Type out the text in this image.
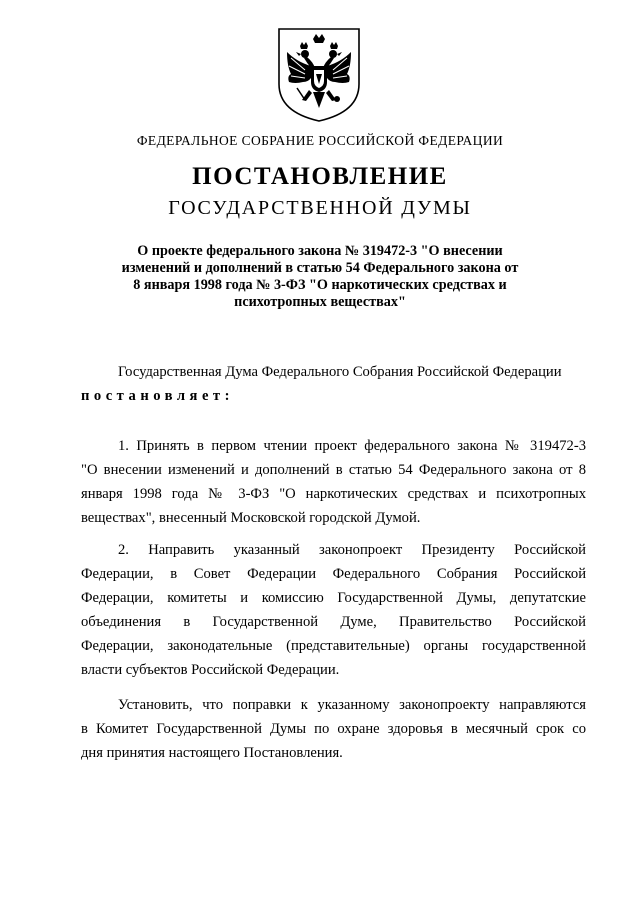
ФЕДЕРАЛЬНОЕ СОБРАНИЕ РОССИЙСКОЙ ФЕДЕРАЦИИ
ПОСТАНОВЛЕНИЕ
ГОСУДАРСТВЕННОЙ ДУМЫ
О проекте федерального закона № 319472-3 "О внесении
изменений и дополнений в статью 54 Федерального закона от
8 января 1998 года № 3-ФЗ "О наркотических средствах и
психотропных веществах"
Государственная Дума Федерального Собрания Российской Федерации
постановляет:
1. Принять в первом чтении проект федерального закона № 319472-3
"О внесении изменений и дополнений в статью 54 Федерального закона от 8
января 1998 года № 3-ФЗ "О наркотических средствах и психотропных
веществах", внесенный Московской городской Думой.
2. Направить указанный законопроект Президенту Российской
Федерации, в Совет Федерации Федерального Собрания Российской
Федерации, комитеты и комиссию Государственной Думы, депутатские
объединения в Государственной Думе, Правительство Российской
Федерации, законодательные (представительные) органы государственной
власти субъектов Российской Федерации.
Установить, что поправки к указанному законопроекту направляются
в Комитет Государственной Думы по охране здоровья в месячный срок со
дня принятия настоящего Постановления.
